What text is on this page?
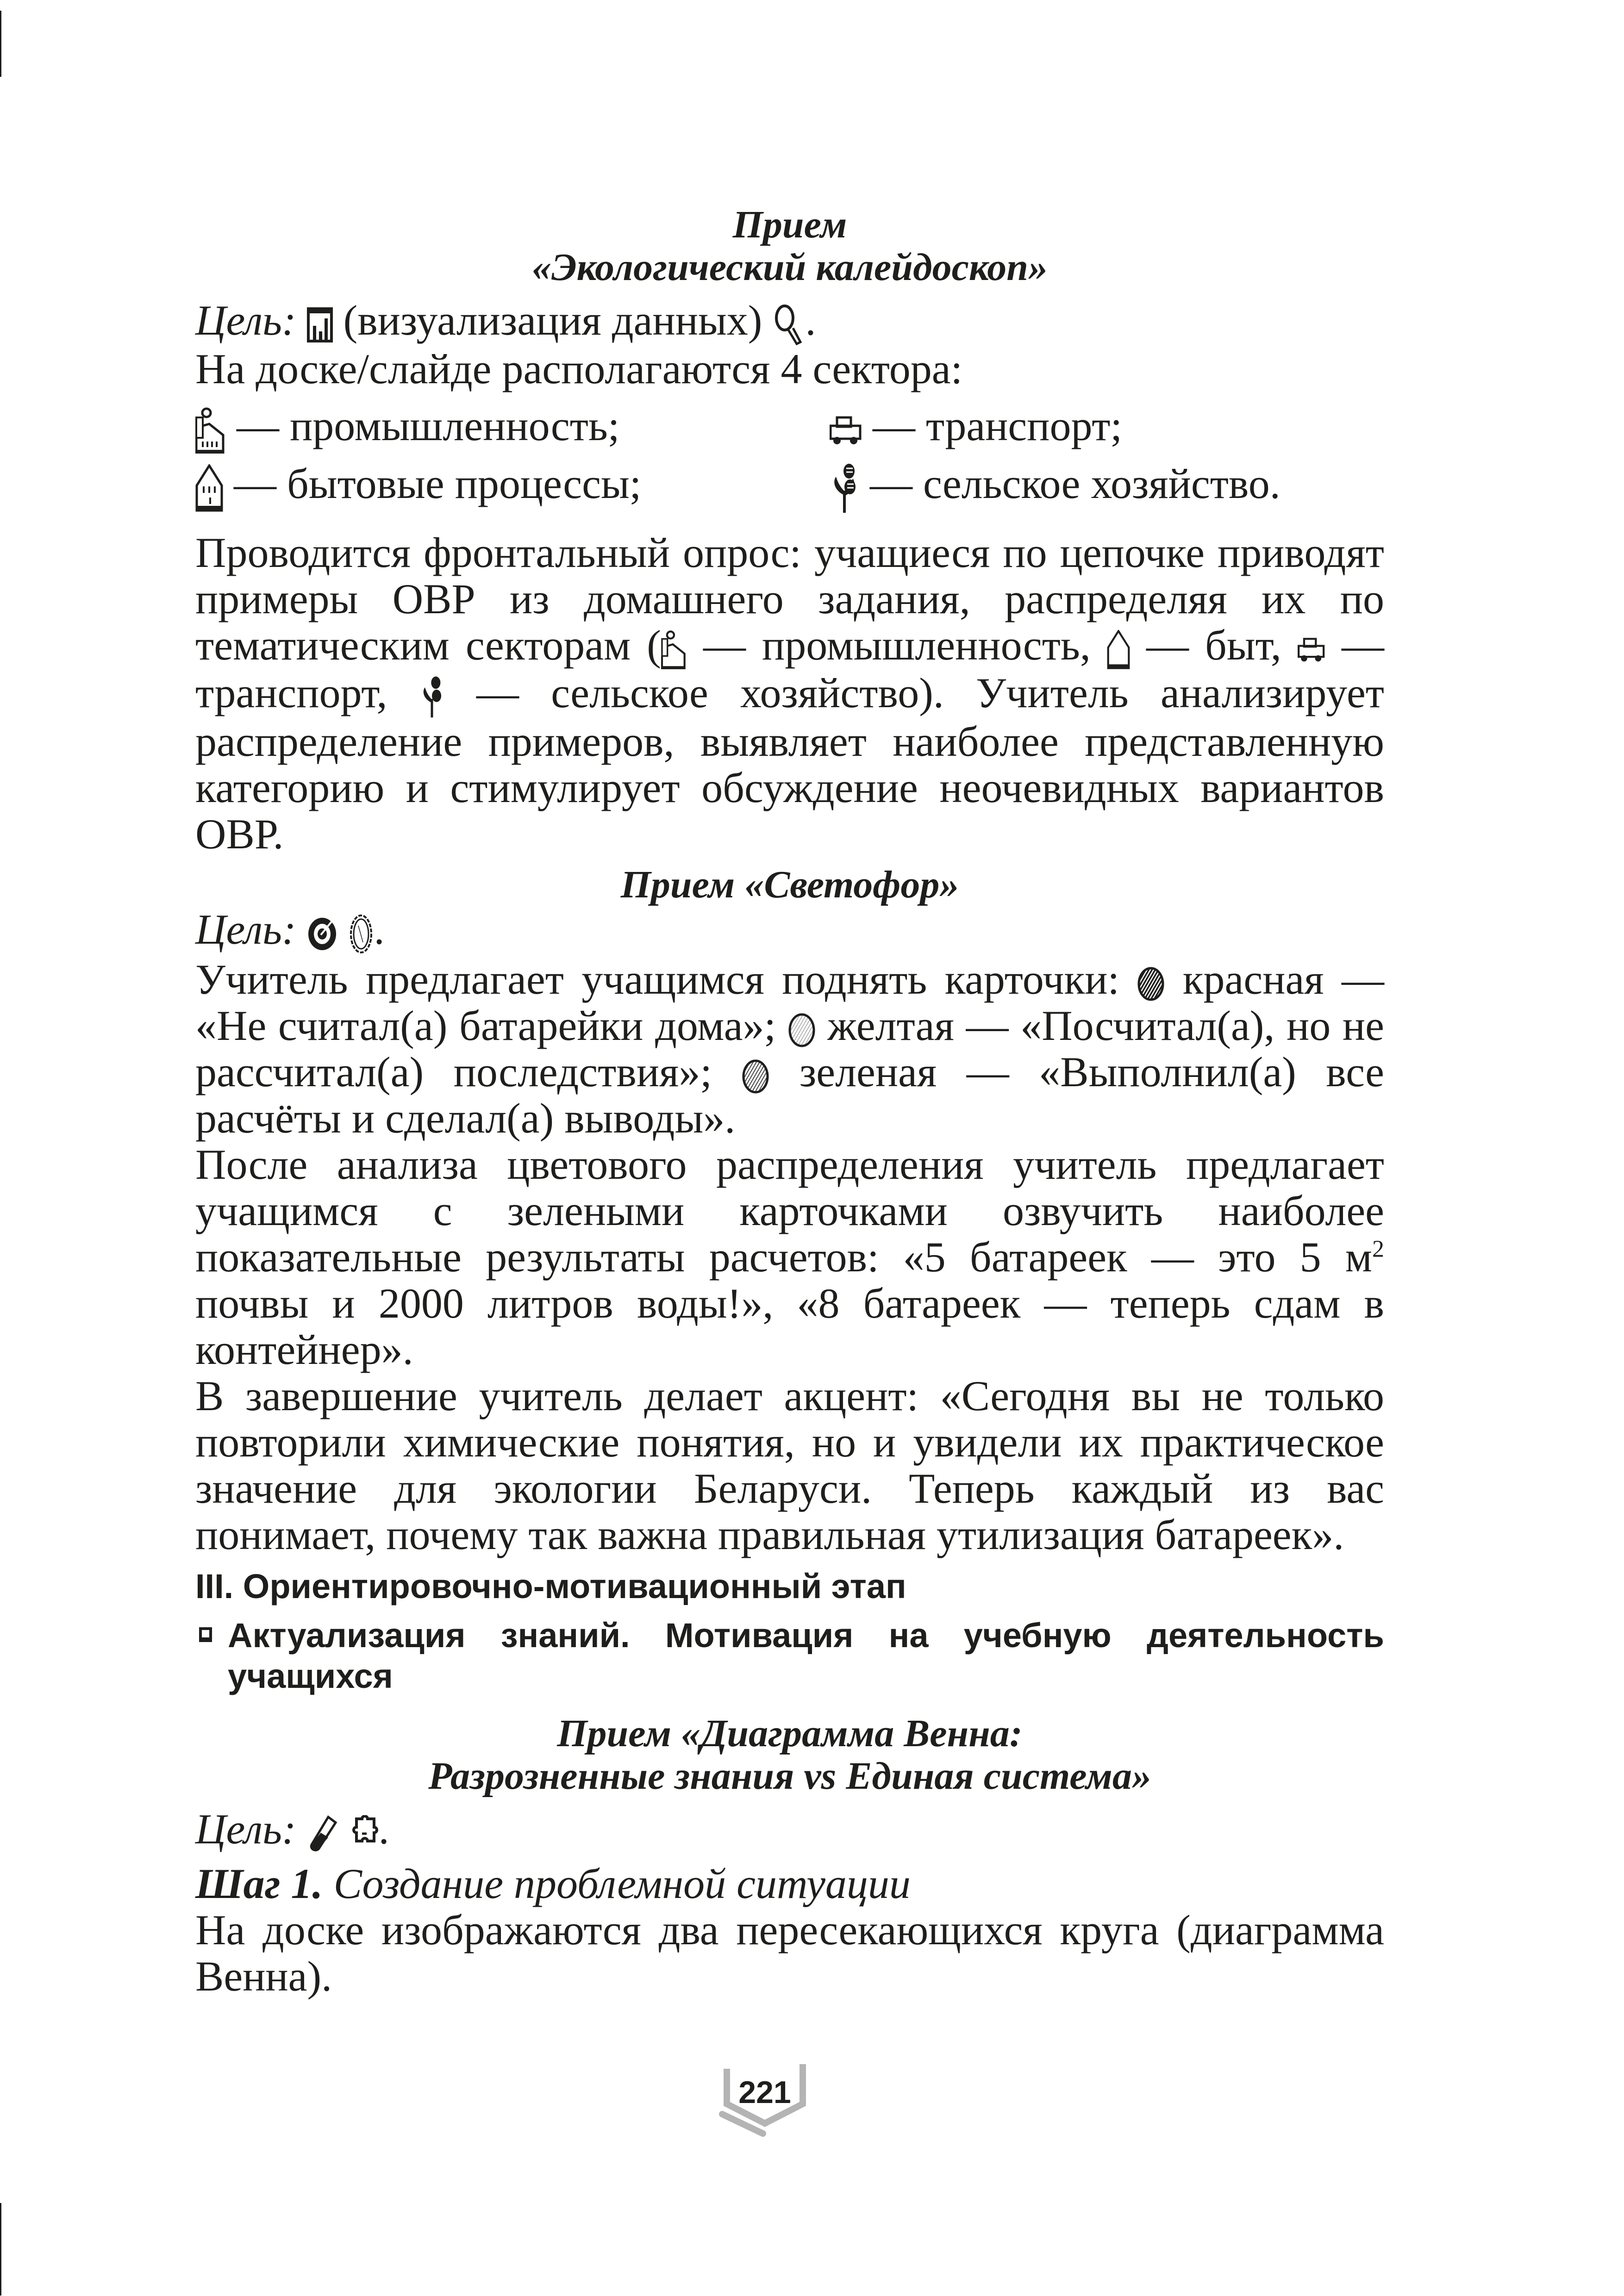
Прием
«Экологический калейдоскоп»
Цель: (визуализация данных) .
На доске/слайде располагаются 4 сектора:
— промышленность;	— транспорт;
— бытовые процессы;	— сельское хозяйство.

Проводится фронтальный опрос: учащиеся по цепочке приводят примеры ОВР из домашнего задания, распределяя их по тематическим секторам (
— промышленность,
— быт,
— транспорт,
— сельское хозяйство). Учитель анализирует распределение примеров, выявляет наиболее представленную категорию и стимулирует обсуждение неочевидных вариантов ОВР.

Прием «Светофор»
Цель:
.

Учитель предлагает учащимся поднять карточки:
красная — «Не считал(а) батарейки дома»;
желтая — «Посчитал(а), но не рассчитал(а) последствия»;
зеленая — «Выполнил(а) все расчёты и сделал(а) выводы».

После анализа цветового распределения учитель предлагает учащимся с зелеными карточками озвучить наиболее показательные результаты расчетов: «5 батареек — это 5 $м^2$ почвы и 2000 литров воды!», «8 батареек — теперь сдам в контейнер».

В завершение учитель делает акцент: «Сегодня вы не только повторили химические понятия, но и увидели их практическое значение для экологии Беларуси. Теперь каждый из вас понимает, почему так важна правильная утилизация батареек».

III. Ориентировочно-мотивационный этап
Актуализация знаний. Мотивация на учебную деятельность учащихся
Прием «Диаграмма Венна:
Разрозненные знания vs Единая система»
Цель:
.
Шаг 1. Создание проблемной ситуации

На доске изображаются два пересекающихся круга (диаграмма Венна).

221
